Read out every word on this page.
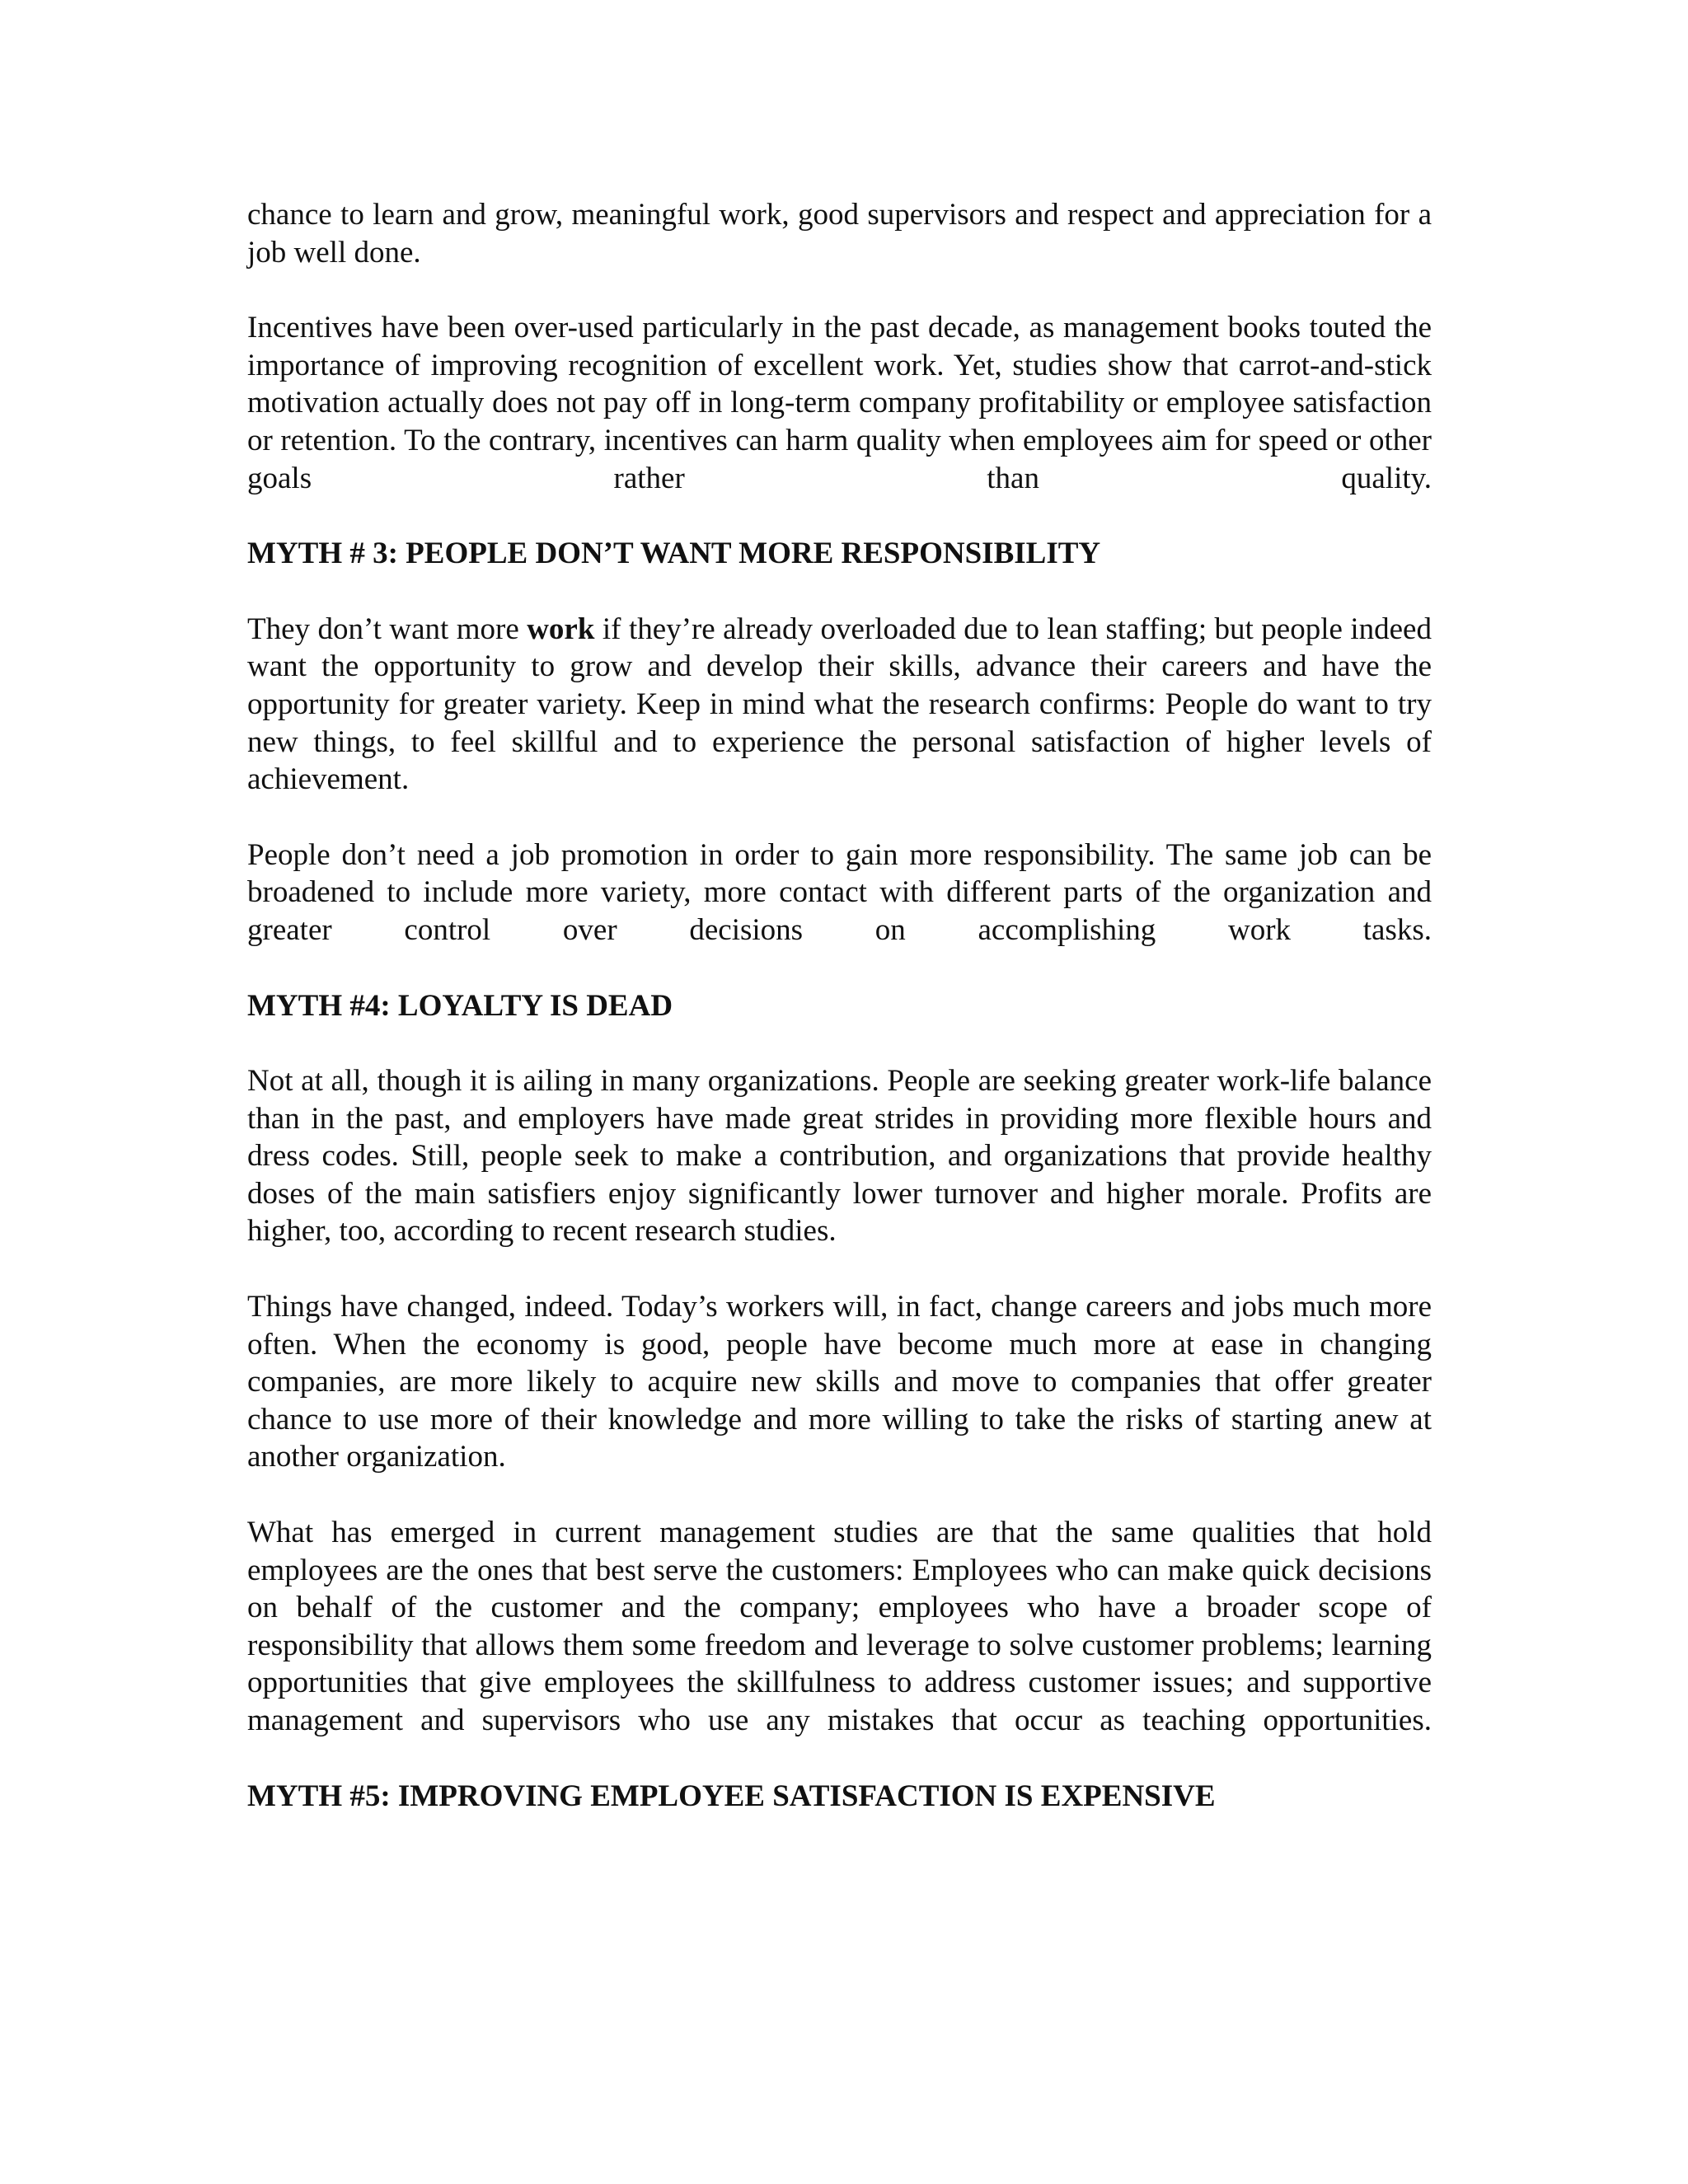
chance to learn and grow, meaningful work, good supervisors and respect and appreciation for a job well done.

Incentives have been over-used particularly in the past decade, as management books touted the importance of improving recognition of excellent work. Yet, studies show that carrot-and-stick motivation actually does not pay off in long-term company profitability or employee satisfaction or retention. To the contrary, incentives can harm quality when employees aim for speed or other goals rather than quality.

MYTH # 3: PEOPLE DON’T WANT MORE RESPONSIBILITY

They don’t want more work if they’re already overloaded due to lean staffing; but people indeed want the opportunity to grow and develop their skills, advance their careers and have the opportunity for greater variety. Keep in mind what the research confirms: People do want to try new things, to feel skillful and to experience the personal satisfaction of higher levels of achievement.

People don’t need a job promotion in order to gain more responsibility. The same job can be broadened to include more variety, more contact with different parts of the organization and greater control over decisions on accomplishing work tasks.

MYTH #4: LOYALTY IS DEAD

Not at all, though it is ailing in many organizations. People are seeking greater work-life balance than in the past, and employers have made great strides in providing more flexible hours and dress codes. Still, people seek to make a contribution, and organizations that provide healthy doses of the main satisfiers enjoy significantly lower turnover and higher morale. Profits are higher, too, according to recent research studies.

Things have changed, indeed. Today’s workers will, in fact, change careers and jobs much more often. When the economy is good, people have become much more at ease in changing companies, are more likely to acquire new skills and move to companies that offer greater chance to use more of their knowledge and more willing to take the risks of starting anew at another organization.

What has emerged in current management studies are that the same qualities that hold employees are the ones that best serve the customers: Employees who can make quick decisions on behalf of the customer and the company; employees who have a broader scope of responsibility that allows them some freedom and leverage to solve customer problems; learning opportunities that give employees the skillfulness to address customer issues; and supportive management and supervisors who use any mistakes that occur as teaching opportunities.

MYTH #5: IMPROVING EMPLOYEE SATISFACTION IS EXPENSIVE
